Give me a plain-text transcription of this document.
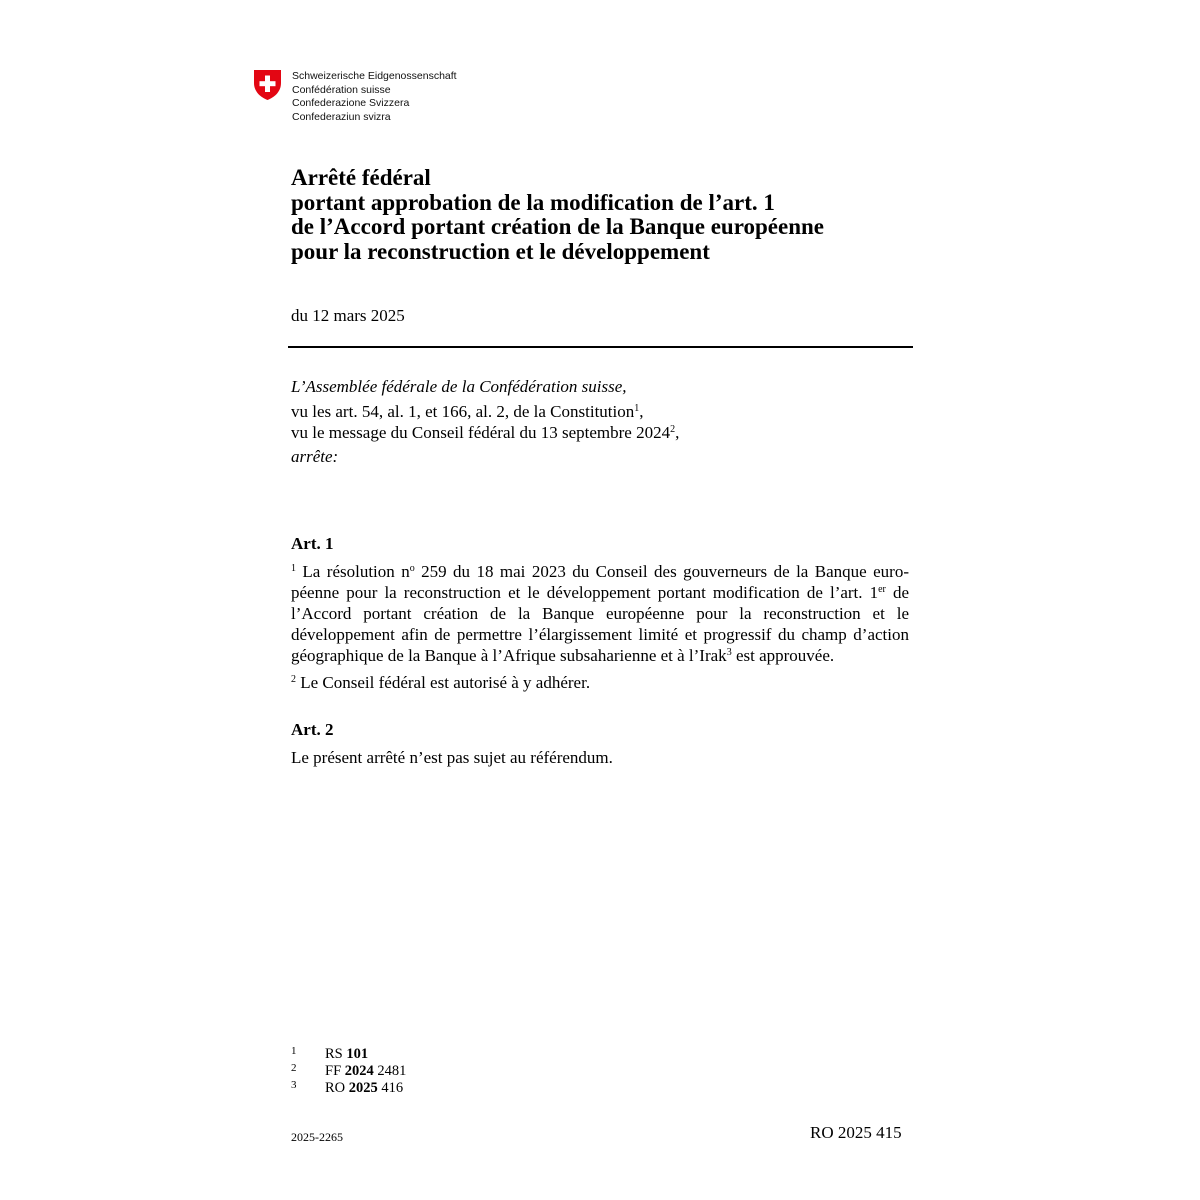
Schweizerische Eidgenossenschaft
Confédération suisse
Confederazione Svizzera
Confederaziun svizra
Arrêté fédéral
portant approbation de la modification de l’art. 1
de l’Accord portant création de la Banque européenne
pour la reconstruction et le développement
du 12 mars 2025
L’Assemblée fédérale de la Confédération suisse,
vu les art. 54, al. 1, et 166, al. 2, de la Constitution$^1$,
vu le message du Conseil fédéral du 13 septembre 2024$^2$,
arrête:
Art. 1
$^1$ La résolution $n^o$ 259 du 18 mai 2023 du Conseil des gouverneurs de la Banque européenne pour la reconstruction et le développement portant modification de l’art. 1er de l’Accord portant création de la Banque européenne pour la reconstruction et le développement afin de permettre l’élargissement limité et progressif du champ d’action géographique de la Banque à l’Afrique subsaharienne et à l’Irak$^3$ est approuvée.
$^2$ Le Conseil fédéral est autorisé à y adhérer.
Art. 2
Le présent arrêté n’est pas sujet au référendum.
1	RS 101
2	FF 2024 2481
3	RO 2025 416
2025-2265	RO 2025 415
